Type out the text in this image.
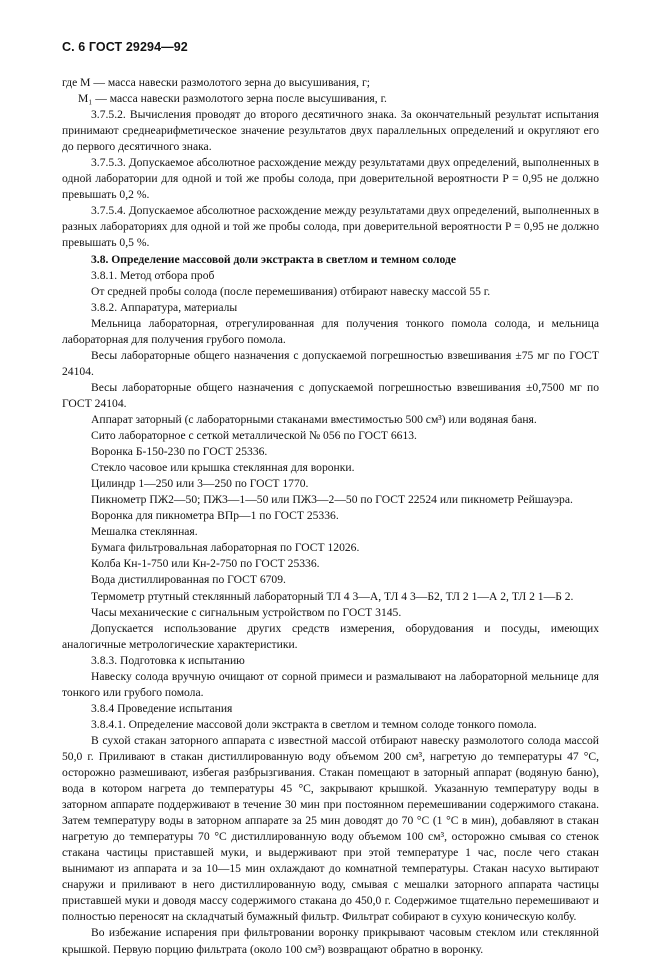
С. 6 ГОСТ 29294—92

где M — масса навески размолотого зерна до высушивания, г;

M₁ — масса навески размолотого зерна после высушивания, г.

3.7.5.2. Вычисления проводят до второго десятичного знака. За окончательный результат испытания принимают среднеарифметическое значение результатов двух параллельных определений и округляют его до первого десятичного знака.

3.7.5.3. Допускаемое абсолютное расхождение между результатами двух определений, выполненных в одной лаборатории для одной и той же пробы солода, при доверительной вероятности P = 0,95 не должно превышать 0,2 %.

3.7.5.4. Допускаемое абсолютное расхождение между результатами двух определений, выполненных в разных лабораториях для одной и той же пробы солода, при доверительной вероятности P = 0,95 не должно превышать 0,5 %.

3.8. Определение массовой доли экстракта в светлом и темном солоде

3.8.1. Метод отбора проб

От средней пробы солода (после перемешивания) отбирают навеску массой 55 г.

3.8.2. Аппаратура, материалы

Мельница лабораторная, отрегулированная для получения тонкого помола солода, и мельница лабораторная для получения грубого помола.

Весы лабораторные общего назначения с допускаемой погрешностью взвешивания ±75 мг по ГОСТ 24104.

Весы лабораторные общего назначения с допускаемой погрешностью взвешивания ±0,7500 мг по ГОСТ 24104.

Аппарат заторный (с лабораторными стаканами вместимостью 500 см³) или водяная баня.

Сито лабораторное с сеткой металлической № 056 по ГОСТ 6613.

Воронка Б-150-230 по ГОСТ 25336.

Стекло часовое или крышка стеклянная для воронки.

Цилиндр 1—250 или 3—250 по ГОСТ 1770.

Пикнометр ПЖ2—50; ПЖ3—1—50 или ПЖ3—2—50 по ГОСТ 22524 или пикнометр Рейшауэра.

Воронка для пикнометра ВПр—1 по ГОСТ 25336.

Мешалка стеклянная.

Бумага фильтровальная лабораторная по ГОСТ 12026.

Колба Кн-1-750 или Кн-2-750 по ГОСТ 25336.

Вода дистиллированная по ГОСТ 6709.

Термометр ртутный стеклянный лабораторный ТЛ 4 3—А, ТЛ 4 3—Б2, ТЛ 2 1—А 2, ТЛ 2 1—Б 2.

Часы механические с сигнальным устройством по ГОСТ 3145.

Допускается использование других средств измерения, оборудования и посуды, имеющих аналогичные метрологические характеристики.

3.8.3. Подготовка к испытанию

Навеску солода вручную очищают от сорной примеси и размалывают на лабораторной мельнице для тонкого или грубого помола.

3.8.4 Проведение испытания

3.8.4.1. Определение массовой доли экстракта в светлом и темном солоде тонкого помола.

В сухой стакан заторного аппарата с известной массой отбирают навеску размолотого солода массой 50,0 г. Приливают в стакан дистиллированную воду объемом 200 см³, нагретую до температуры 47 °С, осторожно размешивают, избегая разбрызгивания. Стакан помещают в заторный аппарат (водяную баню), вода в котором нагрета до температуры 45 °С, закрывают крышкой. Указанную температуру воды в заторном аппарате поддерживают в течение 30 мин при постоянном перемешивании содержимого стакана. Затем температуру воды в заторном аппарате за 25 мин доводят до 70 °С (1 °С в мин), добавляют в стакан нагретую до температуры 70 °С дистиллированную воду объемом 100 см³, осторожно смывая со стенок стакана частицы приставшей муки, и выдерживают при этой температуре 1 час, после чего стакан вынимают из аппарата и за 10—15 мин охлаждают до комнатной температуры. Стакан насухо вытирают снаружи и приливают в него дистиллированную воду, смывая с мешалки заторного аппарата частицы приставшей муки и доводя массу содержимого стакана до 450,0 г. Содержимое тщательно перемешивают и полностью переносят на складчатый бумажный фильтр. Фильтрат собирают в сухую коническую колбу.

Во избежание испарения при фильтровании воронку прикрывают часовым стеклом или стеклянной крышкой. Первую порцию фильтрата (около 100 см³) возвращают обратно в воронку.
